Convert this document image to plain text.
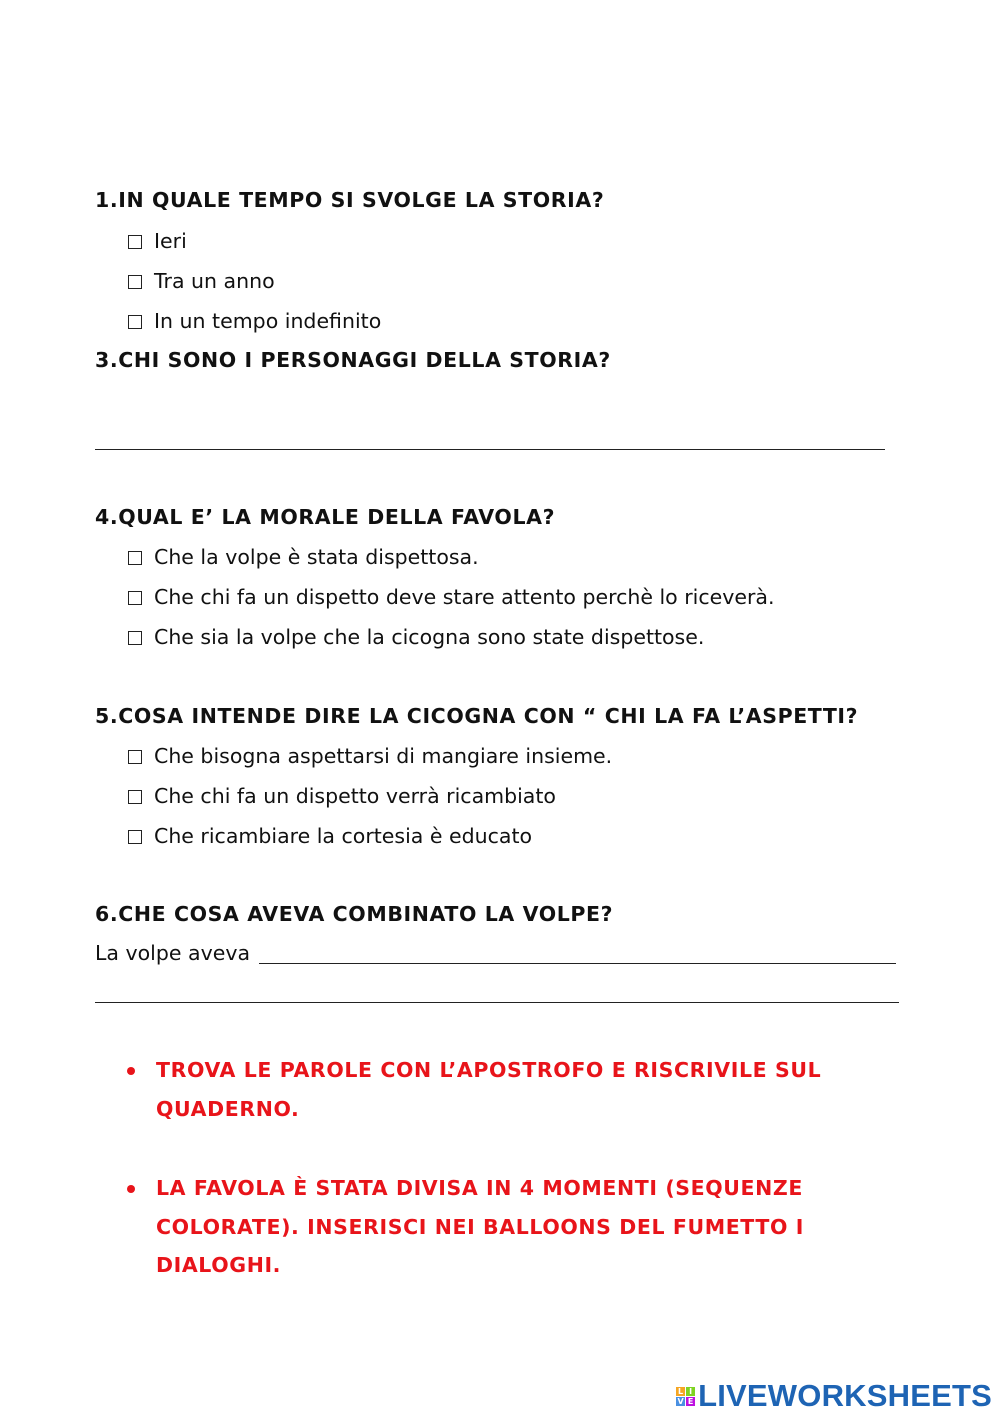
1.IN QUALE TEMPO SI SVOLGE LA STORIA?
Ieri
Tra un anno
In un tempo indefinito
3.CHI SONO I PERSONAGGI DELLA STORIA?
4.QUAL E’ LA MORALE DELLA FAVOLA?
Che la volpe è stata dispettosa.
Che chi fa un dispetto deve stare attento perchè lo riceverà.
Che sia la volpe che la cicogna sono state dispettose.
5.COSA INTENDE DIRE LA CICOGNA CON “ CHI LA FA L’ASPETTI?
Che bisogna aspettarsi di mangiare insieme.
Che chi fa un dispetto verrà ricambiato
Che ricambiare la cortesia è educato
6.CHE COSA AVEVA COMBINATO LA VOLPE?
La volpe aveva
TROVA LE PAROLE CON L’APOSTROFO E RISCRIVILE SUL
QUADERNO.
LA FAVOLA È STATA DIVISA IN 4 MOMENTI (SEQUENZE
COLORATE). INSERISCI NEI BALLOONS DEL FUMETTO I
DIALOGHI.
L I
V E LIVEWORKSHEETS
